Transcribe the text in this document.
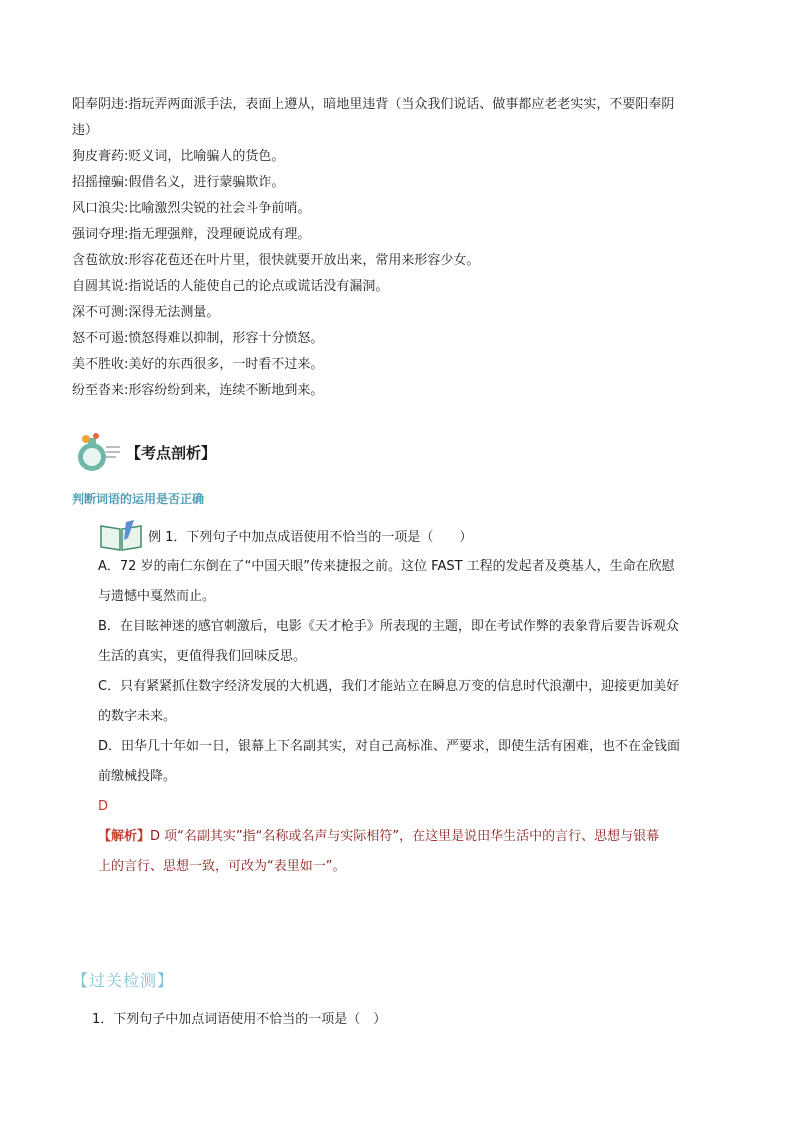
阳奉阴违:指玩弄两面派手法，表面上遵从，暗地里违背（当众我们说话、做事都应老老实实，不要阳奉阴
违）
狗皮膏药:贬义词，比喻骗人的货色。
招摇撞骗:假借名义，进行蒙骗欺诈。
风口浪尖:比喻激烈尖锐的社会斗争前哨。
强词夺理:指无理强辩，没理硬说成有理。
含苞欲放:形容花苞还在叶片里，很快就要开放出来，常用来形容少女。
自圆其说:指说话的人能使自己的论点或谎话没有漏洞。
深不可测:深得无法测量。
怒不可遏:愤怒得难以抑制，形容十分愤怒。
美不胜收:美好的东西很多，一时看不过来。
纷至沓来:形容纷纷到来，连续不断地到来。
【考点剖析】
判断词语的运用是否正确
例 1．下列句子中加点成语使用不恰当的一项是（　　）
A．72 岁的南仁东倒在了“中国天眼”传来捷报之前。这位 FAST 工程的发起者及奠基人，生命在欣慰
与遗憾中戛然而止。
B．在目眩神迷的感官刺激后，电影《天才枪手》所表现的主题，即在考试作弊的表象背后要告诉观众
生活的真实，更值得我们回味反思。
C．只有紧紧抓住数字经济发展的大机遇，我们才能站立在瞬息万变的信息时代浪潮中，迎接更加美好
的数字未来。
D．田华几十年如一日，银幕上下名副其实，对自己高标准、严要求，即使生活有困难，也不在金钱面
前缴械投降。
D
【解析】D 项“名副其实”指“名称或名声与实际相符”，在这里是说田华生活中的言行、思想与银幕
上的言行、思想一致，可改为“表里如一”。
【过关检测】
1．下列句子中加点词语使用不恰当的一项是（　）
